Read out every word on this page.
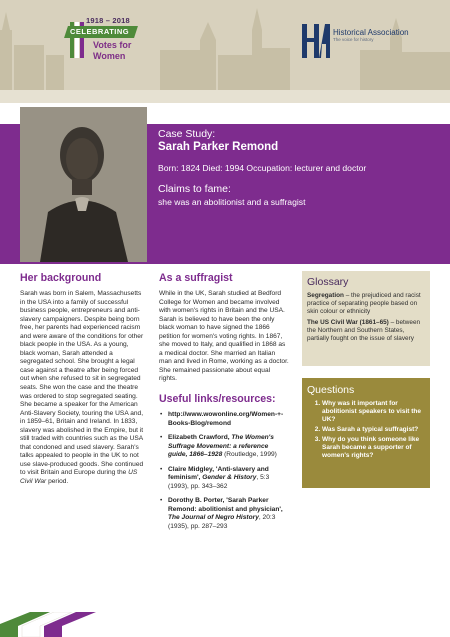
1918 – 2018
CELEBRATING
Votes for
Women
Historical Association
The voice for history
Case Study:
Sarah Parker Remond
Born: 1824 Died: 1994 Occupation: lecturer and doctor
Claims to fame:
she was an abolitionist and a suffragist
Her background

Sarah was born in Salem, Massachusetts in the USA into a family of successful business people, entrepreneurs and anti-slavery campaigners. Despite being born free, her parents had experienced racism and were aware of the conditions for other black people in the USA. As a young, black woman, Sarah attended a segregated school. She brought a legal case against a theatre after being forced out when she refused to sit in segregated seats. She won the case and the theatre was ordered to stop segregated seating. She became a speaker for the American Anti-Slavery Society, touring the USA and, in 1859–61, Britain and Ireland. In 1833, slavery was abolished in the Empire, but it still traded with countries such as the USA that condoned and used slavery. Sarah's talks appealed to people in the UK to not use slave-produced goods. She continued to visit Britain and Europe during the US Civil War period.

As a suffragist

While in the UK, Sarah studied at Bedford College for Women and became involved with women's rights in Britain and the USA. Sarah is believed to have been the only black woman to have signed the 1866 petition for women's voting rights. In 1867, she moved to Italy, and qualified in 1868 as a medical doctor. She married an Italian man and lived in Rome, working as a doctor. She remained passionate about equal rights.

Useful links/resources:
• http://www.wowonline.org/Women-+-Books-Blog/remond
• Elizabeth Crawford, The Women's Suffrage Movement: a reference guide, 1866–1928 (Routledge, 1999)
• Claire Midgley, 'Anti-slavery and feminism', Gender & History, 5:3 (1993), pp. 343–362
• Dorothy B. Porter, 'Sarah Parker Remond: abolitionist and physician', The Journal of Negro History, 20:3 (1935), pp. 287–293
Glossary
Segregation – the prejudiced and racist practice of separating people based on skin colour or ethnicity
The US Civil War (1861–65) – between the Northern and Southern States, partially fought on the issue of slavery
Questions
1. Why was it important for abolitionist speakers to visit the UK?
2. Was Sarah a typical suffragist?
3. Why do you think someone like Sarah became a supporter of women's rights?
